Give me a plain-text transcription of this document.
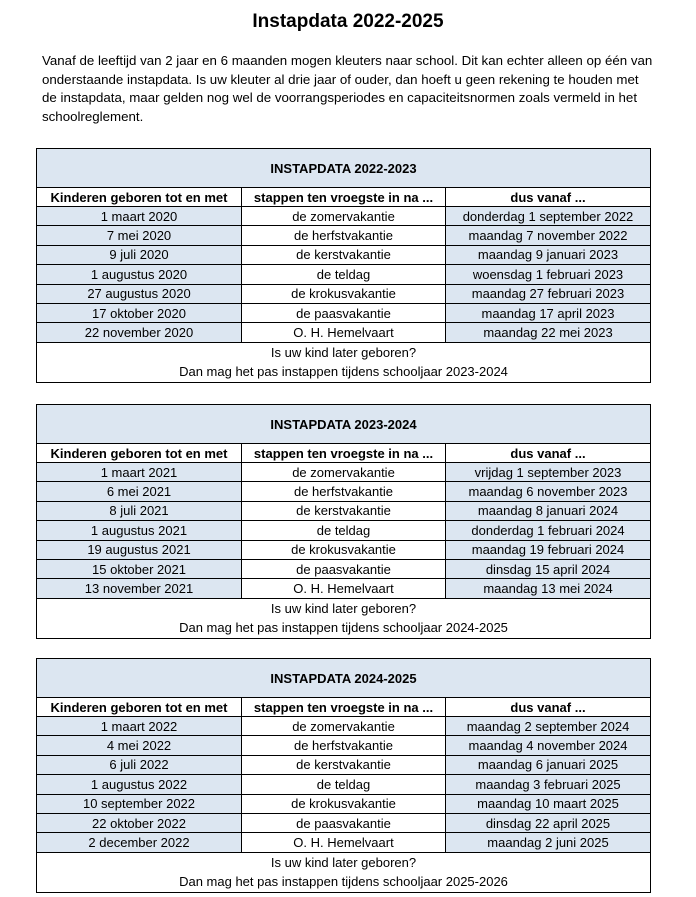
Instapdata 2022-2025
Vanaf de leeftijd van 2 jaar en 6 maanden mogen kleuters naar school. Dit kan echter alleen op één van onderstaande instapdata. Is uw kleuter al drie jaar of ouder, dan hoeft u geen rekening te houden met de instapdata, maar gelden nog wel de voorrangsperiodes en capaciteitsnormen zoals vermeld in het schoolreglement.
INSTAPDATA 2022-2023		
Kinderen geboren tot en met	stappen ten vroegste in na ...	dus vanaf ...
1 maart 2020	de zomervakantie	donderdag 1 september 2022
7 mei 2020	de herfstvakantie	maandag 7 november 2022
9 juli 2020	de kerstvakantie	maandag 9 januari 2023
1 augustus 2020	de teldag	woensdag 1 februari 2023
27 augustus 2020	de krokusvakantie	maandag 27 februari 2023
17 oktober 2020	de paasvakantie	maandag 17 april 2023
22 november 2020	O. H. Hemelvaart	maandag 22 mei 2023
Is uw kind later geboren?
Dan mag het pas instappen tijdens schooljaar 2023-2024		
INSTAPDATA 2023-2024		
Kinderen geboren tot en met	stappen ten vroegste in na ...	dus vanaf ...
1 maart 2021	de zomervakantie	vrijdag 1 september 2023
6 mei 2021	de herfstvakantie	maandag 6 november 2023
8 juli 2021	de kerstvakantie	maandag 8 januari 2024
1 augustus 2021	de teldag	donderdag 1 februari 2024
19 augustus 2021	de krokusvakantie	maandag 19 februari 2024
15 oktober 2021	de paasvakantie	dinsdag 15 april 2024
13 november 2021	O. H. Hemelvaart	maandag 13 mei 2024
Is uw kind later geboren?
Dan mag het pas instappen tijdens schooljaar 2024-2025		
INSTAPDATA 2024-2025		
Kinderen geboren tot en met	stappen ten vroegste in na ...	dus vanaf ...
1 maart 2022	de zomervakantie	maandag 2 september 2024
4 mei 2022	de herfstvakantie	maandag 4 november 2024
6 juli 2022	de kerstvakantie	maandag 6 januari 2025
1 augustus 2022	de teldag	maandag 3 februari 2025
10 september 2022	de krokusvakantie	maandag 10 maart 2025
22 oktober 2022	de paasvakantie	dinsdag 22 april 2025
2 december 2022	O. H. Hemelvaart	maandag 2 juni 2025
Is uw kind later geboren?
Dan mag het pas instappen tijdens schooljaar 2025-2026		
